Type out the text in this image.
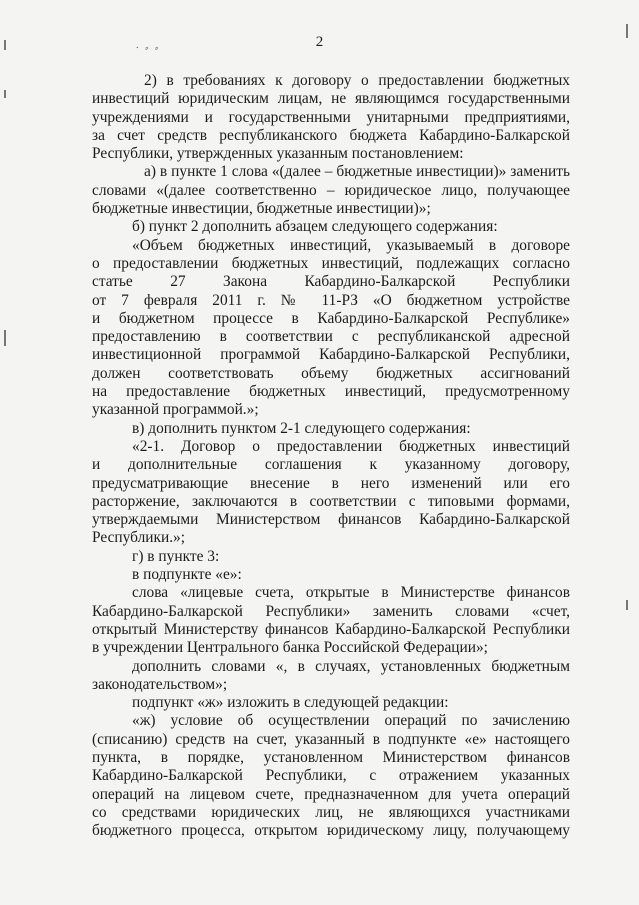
⸱ ⸗ ⸗	2

2) в требованиях к договору о предоставлении бюджетных

инвестиций юридическим лицам, не являющимся государственными

учреждениями и государственными унитарными предприятиями,

за счет средств республиканского бюджета Кабардино-Балкарской

Республики, утвержденных указанным постановлением:

а) в пункте 1 слова «(далее – бюджетные инвестиции)» заменить

словами «(далее соответственно – юридическое лицо, получающее

бюджетные инвестиции, бюджетные инвестиции)»;

б) пункт 2 дополнить абзацем следующего содержания:

«Объем бюджетных инвестиций, указываемый в договоре

о предоставлении бюджетных инвестиций, подлежащих согласно

статье 27 Закона Кабардино-Балкарской Республики

от 7 февраля 2011 г. № 11-РЗ «О бюджетном устройстве

и бюджетном процессе в Кабардино-Балкарской Республике»

предоставлению в соответствии с республиканской адресной

инвестиционной программой Кабардино-Балкарской Республики,

должен соответствовать объему бюджетных ассигнований

на предоставление бюджетных инвестиций, предусмотренному

указанной программой.»;

в) дополнить пунктом 2-1 следующего содержания:

«2-1. Договор о предоставлении бюджетных инвестиций

и дополнительные соглашения к указанному договору,

предусматривающие внесение в него изменений или его

расторжение, заключаются в соответствии с типовыми формами,

утверждаемыми Министерством финансов Кабардино-Балкарской

Республики.»;

г) в пункте 3:

в подпункте «е»:

слова «лицевые счета, открытые в Министерстве финансов

Кабардино-Балкарской Республики» заменить словами «счет,

открытый Министерству финансов Кабардино-Балкарской Республики

в учреждении Центрального банка Российской Федерации»;

дополнить словами «, в случаях, установленных бюджетным

законодательством»;

подпункт «ж» изложить в следующей редакции:

«ж) условие об осуществлении операций по зачислению

(списанию) средств на счет, указанный в подпункте «е» настоящего

пункта, в порядке, установленном Министерством финансов

Кабардино-Балкарской Республики, с отражением указанных

операций на лицевом счете, предназначенном для учета операций

со средствами юридических лиц, не являющихся участниками

бюджетного процесса, открытом юридическому лицу, получающему
